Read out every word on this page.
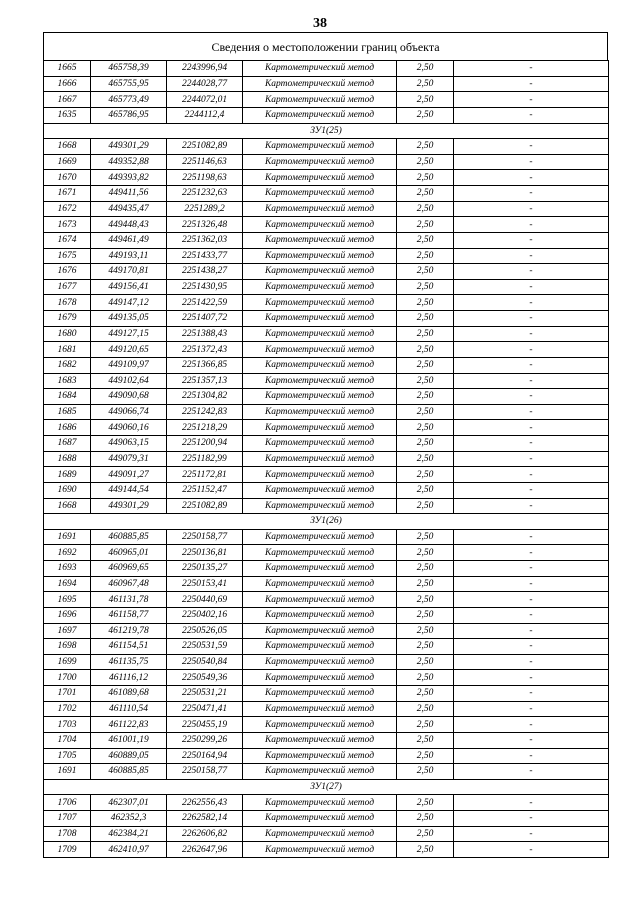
38
Сведения о местоположении границ объекта
1665	465758,39	2243996,94	Картометрический метод	2,50	-
1666	465755,95	2244028,77	Картометрический метод	2,50	-
1667	465773,49	2244072,01	Картометрический метод	2,50	-
1635	465786,95	2244112,4	Картометрический метод	2,50	-
ЗУ1(25)					
1668	449301,29	2251082,89	Картометрический метод	2,50	-
1669	449352,88	2251146,63	Картометрический метод	2,50	-
1670	449393,82	2251198,63	Картометрический метод	2,50	-
1671	449411,56	2251232,63	Картометрический метод	2,50	-
1672	449435,47	2251289,2	Картометрический метод	2,50	-
1673	449448,43	2251326,48	Картометрический метод	2,50	-
1674	449461,49	2251362,03	Картометрический метод	2,50	-
1675	449193,11	2251433,77	Картометрический метод	2,50	-
1676	449170,81	2251438,27	Картометрический метод	2,50	-
1677	449156,41	2251430,95	Картометрический метод	2,50	-
1678	449147,12	2251422,59	Картометрический метод	2,50	-
1679	449135,05	2251407,72	Картометрический метод	2,50	-
1680	449127,15	2251388,43	Картометрический метод	2,50	-
1681	449120,65	2251372,43	Картометрический метод	2,50	-
1682	449109,97	2251366,85	Картометрический метод	2,50	-
1683	449102,64	2251357,13	Картометрический метод	2,50	-
1684	449090,68	2251304,82	Картометрический метод	2,50	-
1685	449066,74	2251242,83	Картометрический метод	2,50	-
1686	449060,16	2251218,29	Картометрический метод	2,50	-
1687	449063,15	2251200,94	Картометрический метод	2,50	-
1688	449079,31	2251182,99	Картометрический метод	2,50	-
1689	449091,27	2251172,81	Картометрический метод	2,50	-
1690	449144,54	2251152,47	Картометрический метод	2,50	-
1668	449301,29	2251082,89	Картометрический метод	2,50	-
ЗУ1(26)					
1691	460885,85	2250158,77	Картометрический метод	2,50	-
1692	460965,01	2250136,81	Картометрический метод	2,50	-
1693	460969,65	2250135,27	Картометрический метод	2,50	-
1694	460967,48	2250153,41	Картометрический метод	2,50	-
1695	461131,78	2250440,69	Картометрический метод	2,50	-
1696	461158,77	2250402,16	Картометрический метод	2,50	-
1697	461219,78	2250526,05	Картометрический метод	2,50	-
1698	461154,51	2250531,59	Картометрический метод	2,50	-
1699	461135,75	2250540,84	Картометрический метод	2,50	-
1700	461116,12	2250549,36	Картометрический метод	2,50	-
1701	461089,68	2250531,21	Картометрический метод	2,50	-
1702	461110,54	2250471,41	Картометрический метод	2,50	-
1703	461122,83	2250455,19	Картометрический метод	2,50	-
1704	461001,19	2250299,26	Картометрический метод	2,50	-
1705	460889,05	2250164,94	Картометрический метод	2,50	-
1691	460885,85	2250158,77	Картометрический метод	2,50	-
ЗУ1(27)					
1706	462307,01	2262556,43	Картометрический метод	2,50	-
1707	462352,3	2262582,14	Картометрический метод	2,50	-
1708	462384,21	2262606,82	Картометрический метод	2,50	-
1709	462410,97	2262647,96	Картометрический метод	2,50	-
